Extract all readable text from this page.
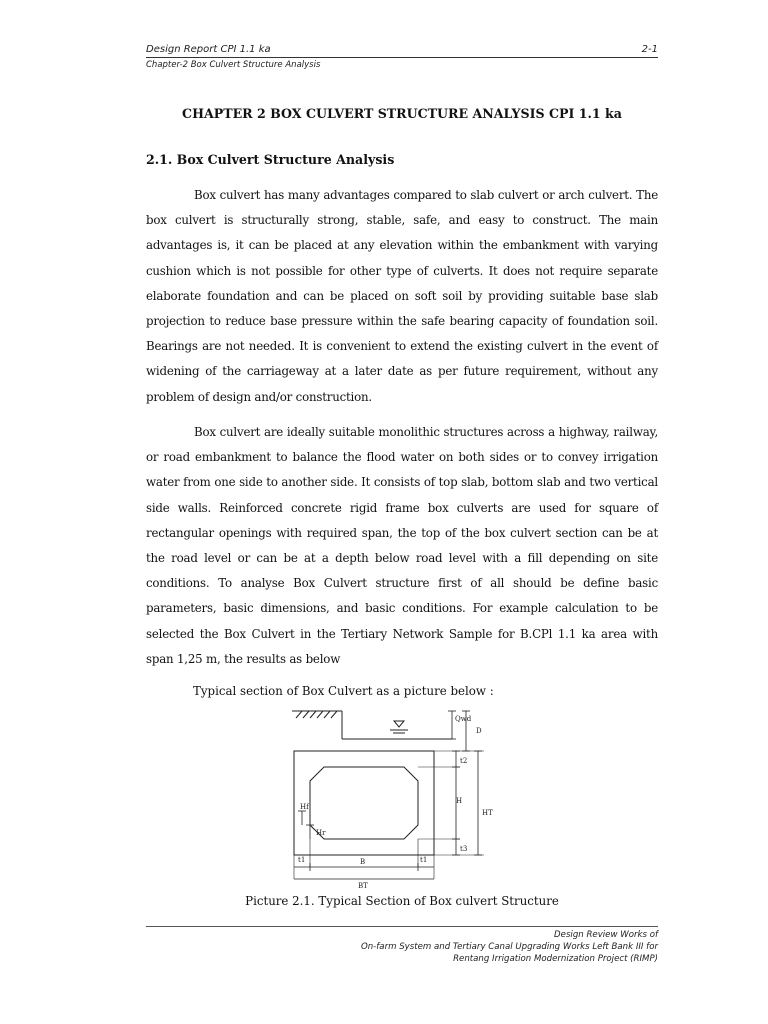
Design Report CPI 1.1 ka	2-1
Chapter-2 Box Culvert Structure Analysis
CHAPTER 2 BOX CULVERT STRUCTURE ANALYSIS CPI 1.1 ka
2.1. Box Culvert Structure Analysis

Box culvert has many advantages compared to slab culvert or arch culvert. The box culvert is structurally strong, stable, safe, and easy to construct. The main advantages is, it can be placed at any elevation within the embankment with varying cushion which is not possible for other type of culverts. It does not require separate elaborate foundation and can be placed on soft soil by providing suitable base slab projection to reduce base pressure within the safe bearing capacity of foundation soil. Bearings are not needed. It is convenient to extend the existing culvert in the event of widening of the carriageway at a later date as per future requirement, without any problem of design and/or construction.

Box culvert are ideally suitable monolithic structures across a highway, railway, or road embankment to balance the flood water on both sides or to convey irrigation water from one side to another side. It consists of top slab, bottom slab and two vertical side walls. Reinforced concrete rigid frame box culverts are used for square of rectangular openings with required span, the top of the box culvert section can be at the road level or can be at a depth below road level with a fill depending on site conditions. To analyse Box Culvert structure first of all should be define basic parameters, basic dimensions, and basic conditions. For example calculation to be selected the Box Culvert in the Tertiary Network Sample for B.CPl 1.1 ka area with span 1,25 m, the results as below

Typical section of Box Culvert as a picture below :
Qwd
D
t2
H
HT
Hf
Hr
t3
t1	B	t1
BT
Picture 2.1. Typical Section of Box culvert Structure
Design Review Works of
On-farm System and Tertiary Canal Upgrading Works Left Bank III for
Rentang Irrigation Modernization Project (RIMP)
